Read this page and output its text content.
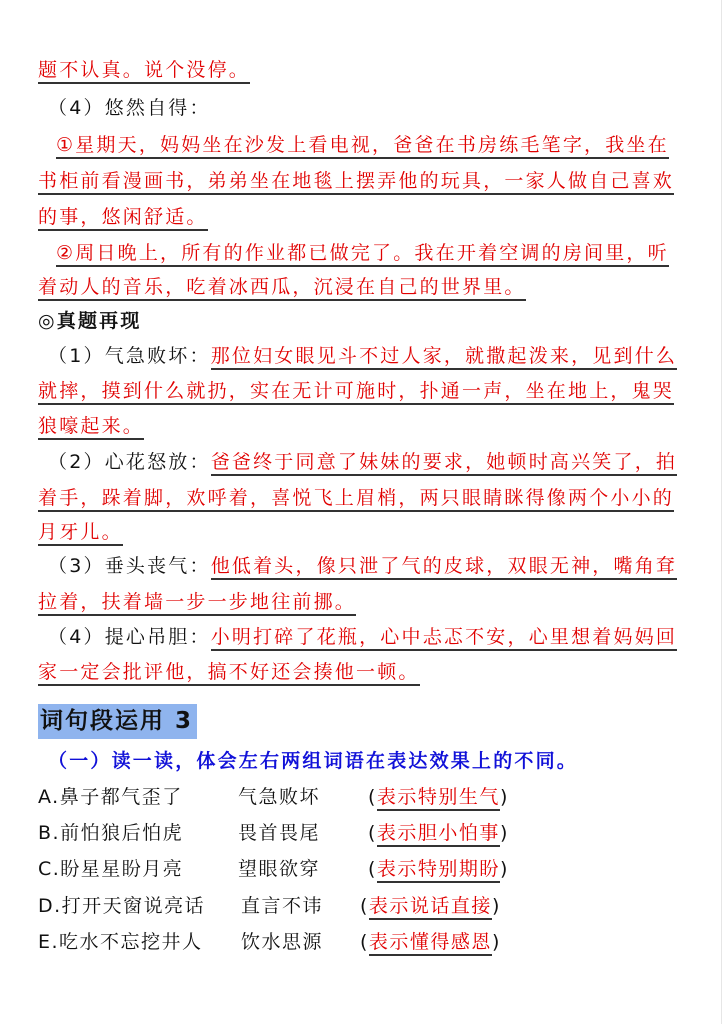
题不认真。说个没停。
（4）悠然自得：
①星期天，妈妈坐在沙发上看电视，爸爸在书房练毛笔字，我坐在
书柜前看漫画书，弟弟坐在地毯上摆弄他的玩具，一家人做自己喜欢
的事，悠闲舒适。
②周日晚上，所有的作业都已做完了。我在开着空调的房间里，听
着动人的音乐，吃着冰西瓜，沉浸在自己的世界里。
◎真题再现
（1）气急败坏：那位妇女眼见斗不过人家，就撒起泼来，见到什么
就摔，摸到什么就扔，实在无计可施时，扑通一声，坐在地上，鬼哭
狼嚎起来。
（2）心花怒放：爸爸终于同意了妹妹的要求，她顿时高兴笑了，拍
着手，跺着脚，欢呼着，喜悦飞上眉梢，两只眼睛眯得像两个小小的
月牙儿。
（3）垂头丧气：他低着头，像只泄了气的皮球，双眼无神，嘴角耷
拉着，扶着墙一步一步地往前挪。
（4）提心吊胆：小明打碎了花瓶，心中忐忑不安，心里想着妈妈回
家一定会批评他，搞不好还会揍他一顿。
词句段运用 3
（一）读一读，体会左右两组词语在表达效果上的不同。
A.鼻子都气歪了	气急败坏	(表示特别生气)
B.前怕狼后怕虎	畏首畏尾	(表示胆小怕事)
C.盼星星盼月亮	望眼欲穿	(表示特别期盼)
D.打开天窗说亮话 直言不讳 (表示说话直接)
E.吃水不忘挖井人 饮水思源 (表示懂得感恩)
